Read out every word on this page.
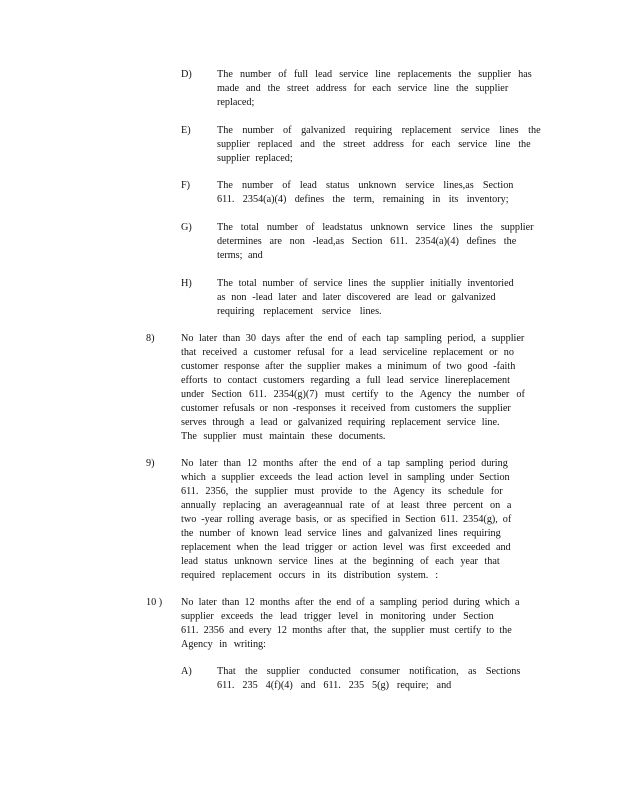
D) The number of full lead service line replacements the supplier has
made and the street address for each service line the supplier
replaced;
E)	The number of galvanized requiring replacement service lines the
supplier replaced and the street address for each service line the
supplier replaced;
F)	The number of lead status unknown service lines,as Section
611. 2354(a)(4) defines the term, remaining in its inventory;
G) The total number of leadstatus unknown service lines the supplier
determines are non -lead,as Section 611. 2354(a)(4) defines the
terms; and
H) The total number of service lines the supplier initially inventoried
as non -lead later and later discovered are lead or galvanized
requiring replacement service lines.
8)	No later than 30 days after the end of each tap sampling period, a supplier
that received a customer refusal for a lead serviceline replacement or no
customer response after the supplier makes a minimum of two good -faith
efforts to contact customers regarding a full lead service linereplacement
under Section 611. 2354(g)(7) must certify to the Agency the number of
customer refusals or non -responses it received from customers the supplier
serves through a lead or galvanized requiring replacement service line.
The supplier must maintain these documents.
9)	No later than 12 months after the end of a tap sampling period during
which a supplier exceeds the lead action level in sampling under Section
611. 2356, the supplier must provide to the Agency its schedule for
annually replacing an averageannual rate of at least three percent on a
two -year rolling average basis, or as specified in Section 611. 2354(g), of
the number of known lead service lines and galvanized lines requiring
replacement when the lead trigger or action level was first exceeded and
lead status unknown service lines at the beginning of each year that
required replacement occurs in its distribution system. :
10 ) No later than 12 months after the end of a sampling period during which a
supplier exceeds the lead trigger level in monitoring under Section
611. 2356 and every 12 months after that, the supplier must certify to the
Agency in writing:
A) That the supplier conducted consumer notification, as Sections
611. 235 4(f)(4) and 611. 235 5(g) require; and
